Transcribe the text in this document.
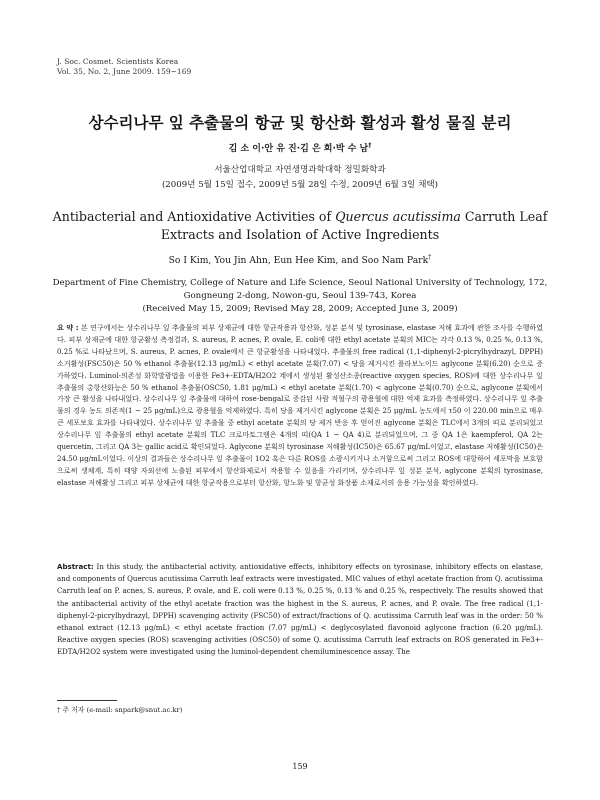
J. Soc. Cosmet. Scientists Korea
Vol. 35, No. 2, June 2009. 159~169
상수리나무 잎 추출물의 항균 및 항산화 활성과 활성 물질 분리
김 소 이·안 유 진·김 은 희·박 수 남†
서울산업대학교 자연생명과학대학 정밀화학과
(2009년 5월 15일 접수, 2009년 5월 28일 수정, 2009년 6월 3일 채택)
Antibacterial and Antioxidative Activities of Quercus acutissima Carruth Leaf Extracts and Isolation of Active Ingredients
So I Kim, You Jin Ahn, Eun Hee Kim, and Soo Nam Park†
Department of Fine Chemistry, College of Nature and Life Science, Seoul National University of Technology, 172,
Gongneung 2-dong, Nowon-gu, Seoul 139-743, Korea
(Received May 15, 2009; Revised May 28, 2009; Accepted June 3, 2009)
요 약 : 본 연구에서는 상수리나무 잎 추출물의 피부 상재균에 대한 항균작용과 항산화, 성분 분석 및 tyrosinase, elastase 저해 효과에 관한 조사를 수행하였다. 피부 상재균에 대한 항균활성 측정결과, S. aureus, P. acnes, P. ovale, E. coli에 대한 ethyl acetate 분획의 MIC는 각각 0.13 %, 0.25 %, 0.13 %, 0.25 %로 나타났으며, S. aureus, P. acnes, P. ovale에서 큰 항균활성을 나타내었다. 추출물의 free radical (1,1-diphenyl-2-picrylhydrazyl, DPPH) 소거활성(FSC50)은 50 % ethanol 추출물(12.13 μg/mL) < ethyl acetate 분획(7.07) < 당을 제거시킨 플라보노이드 aglycone 분획(6.20) 순으로 증가하였다. Luminol-의존성 화학발광법을 이용한 Fe3+-EDTA/H2O2 계에서 생성된 활성산소종(reactive oxygen species, ROS)에 대한 상수리나무 잎 추출물의 총항산화능은 50 % ethanol 추출물(OSC50, 1.81 μg/mL) < ethyl acetate 분획(1.70) < aglycone 분획(0.70) 순으로, aglycone 분획에서 가장 큰 활성을 나타내었다. 상수리나무 잎 추출물에 대하여 rose-bengal로 증감된 사람 적혈구의 광용혈에 대한 억제 효과를 측정하였다. 상수리나무 잎 추출물의 경우 농도 의존적(1 ~ 25 μg/mL)으로 광용혈을 억제하였다. 특히 당을 제거시킨 aglycone 분획은 25 μg/mL 농도에서 τ50 이 220.00 min으로 매우 큰 세포보호 효과를 나타내었다. 상수리나무 잎 추출물 중 ethyl acetate 분획의 당 제거 반응 후 얻어진 aglycone 분획은 TLC에서 3개의 띠로 분리되었고 상수리나무 잎 추출물의 ethyl acetate 분획의 TLC 크로마토그램은 4개의 띠(QA 1 ~ QA 4)로 분리되었으며, 그 중 QA 1은 kaempferol, QA 2는 quercetin, 그리고 QA 3는 gallic acid로 확인되었다. Aglycone 분획의 tyrosinase 저해활성(IC50)은 65.67 μg/mL이었고, elastase 저해활성(IC50)은 24.50 μg/mL이었다. 이상의 결과들은 상수리나무 잎 추출물이 1O2 혹은 다른 ROS를 소광시키거나 소거함으로써 그리고 ROS에 대항하여 세포막을 보호함으로써 생체계, 특히 태양 자외선에 노출된 피부에서 항산화제로서 작용할 수 있음을 가리키며, 상수리나무 잎 성분 분석, aglycone 분획의 tyrosinase, elastase 저해활성 그리고 피부 상재균에 대한 항균작용으로부터 항산화, 항노화 및 항균성 화장품 소재로서의 응용 가능성을 확인하였다.
Abstract: In this study, the antibacterial activity, antioxidative effects, inhibitory effects on tyrosinase, inhibitory effects on elastase, and components of Quercus acutissima Carruth leaf extracts were investigated. MIC values of ethyl acetate fraction from Q. acutissima Carruth leaf on P. acnes, S. aureus, P. ovale, and E. coli were 0.13 %, 0.25 %, 0.13 % and 0.25 %, respectively. The results showed that the antibacterial activity of the ethyl acetate fraction was the highest in the S. aureus, P. acnes, and P. ovale. The free radical (1,1-diphenyl-2-picrylhydrazyl, DPPH) scavenging activity (FSC50) of extract/fractions of Q. acutissima Carruth leaf was in the order: 50 % ethanol extract (12.13 μg/mL) < ethyl acetate fraction (7.07 μg/mL) < deglycosylated flavonoid aglycone fraction (6.20 μg/mL). Reactive oxygen species (ROS) scavenging activities (OSC50) of some Q. acutissima Carruth leaf extracts on ROS generated in Fe3+-EDTA/H2O2 system were investigated using the luminol-dependent chemiluminescence assay. The
† 주 저자 (e-mail: snpark@snut.ac.kr)
159
